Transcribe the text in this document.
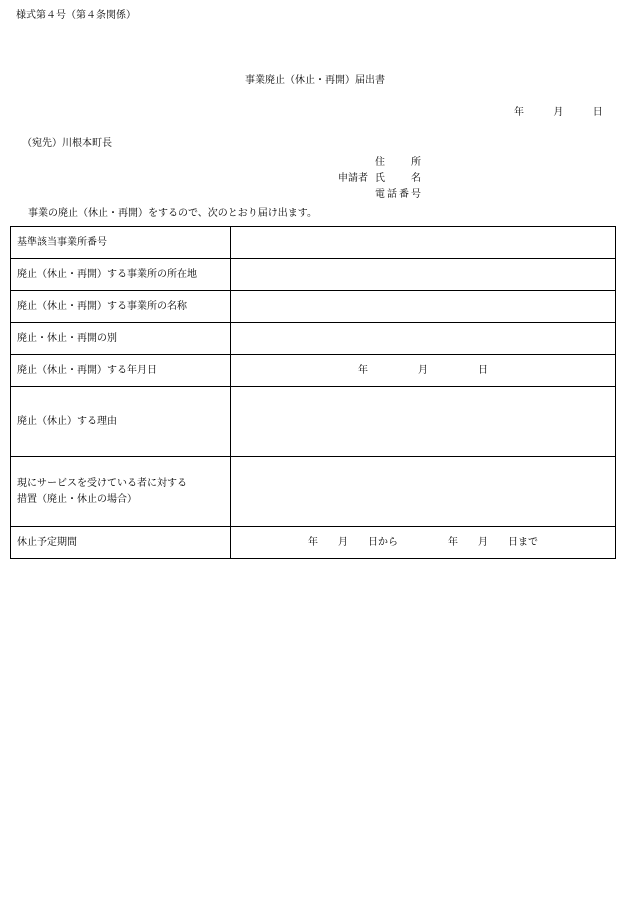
様式第４号（第４条関係）
事業廃止（休止・再開）届出書
年	月	日
（宛先）川根本町長
住　　所
申請者 氏　　名
電話番号
事業の廃止（休止・再開）をするので、次のとおり届け出ます。
基準該当事業所番号	
廃止（休止・再開）する事業所の所在地	
廃止（休止・再開）する事業所の名称	
廃止・休止・再開の別	
廃止（休止・再開）する年月日	年　　　　　月　　　　　日
廃止（休止）する理由	

現にサービスを受けている者に対する
措置（廃止・休止の場合）	

休止予定期間	年　　月　　日から　　　　　年　　月　　日まで
